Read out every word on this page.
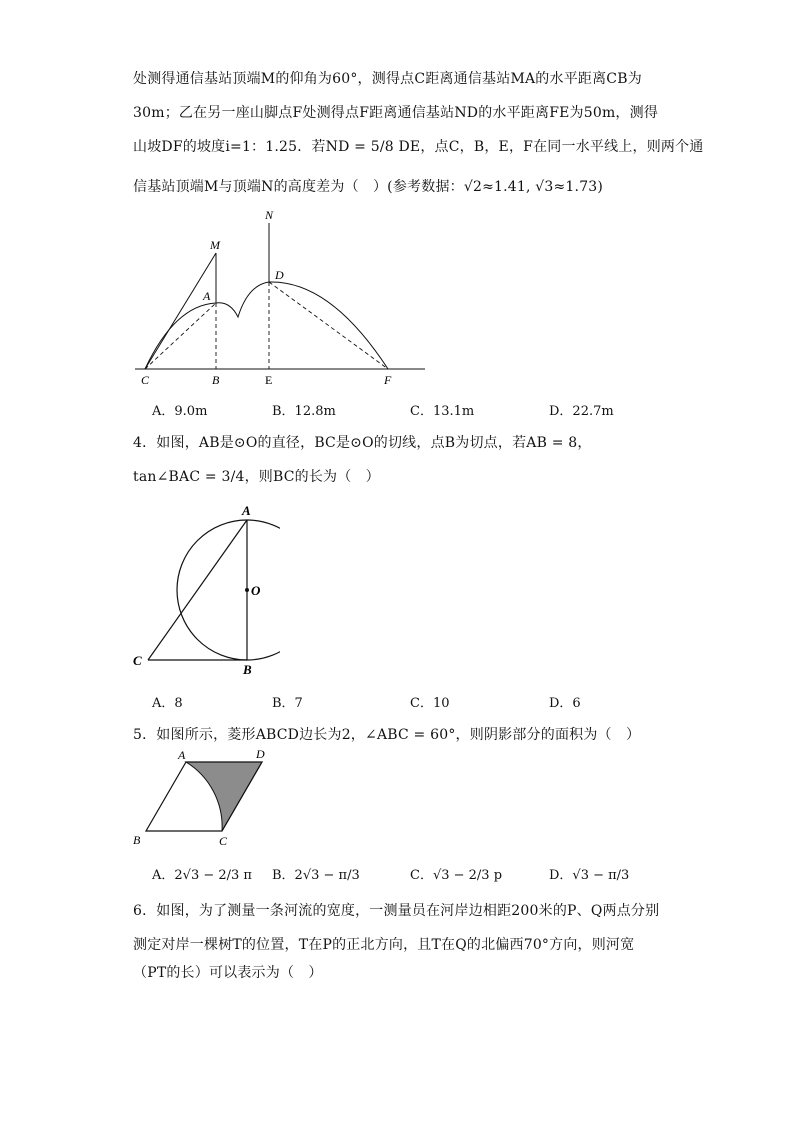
处测得通信基站顶端M的仰角为60°，测得点C距离通信基站MA的水平距离CB为
30m；乙在另一座山脚点F处测得点F距离通信基站ND的水平距离FE为50m，测得
山坡DF的坡度i=1：1.25．若ND = 5/8 DE，点C，B，E，F在同一水平线上，则两个通
信基站顶端M与顶端N的高度差为（　）(参考数据：√2≈1.41, √3≈1.73)
M
N
A
D
C	B	E	F
A．9.0m	B．12.8m	C．13.1m	D．22.7m
4．如图，AB是⊙O的直径，BC是⊙O的切线，点B为切点，若AB = 8，
tan∠BAC = 3/4，则BC的长为（　）
A
O
B
C
A．8	B．7	C．10	D．6
5．如图所示，菱形ABCD边长为2，∠ABC = 60°，则阴影部分的面积为（　）
A	D
B	C
A．2√3 − 2/3 π B．2√3 − π/3	C．√3 − 2/3 p	D．√3 − π/3
6．如图，为了测量一条河流的宽度，一测量员在河岸边相距200米的P、Q两点分别
测定对岸一棵树T的位置，T在P的正北方向，且T在Q的北偏西70°方向，则河宽
（PT的长）可以表示为（　）
